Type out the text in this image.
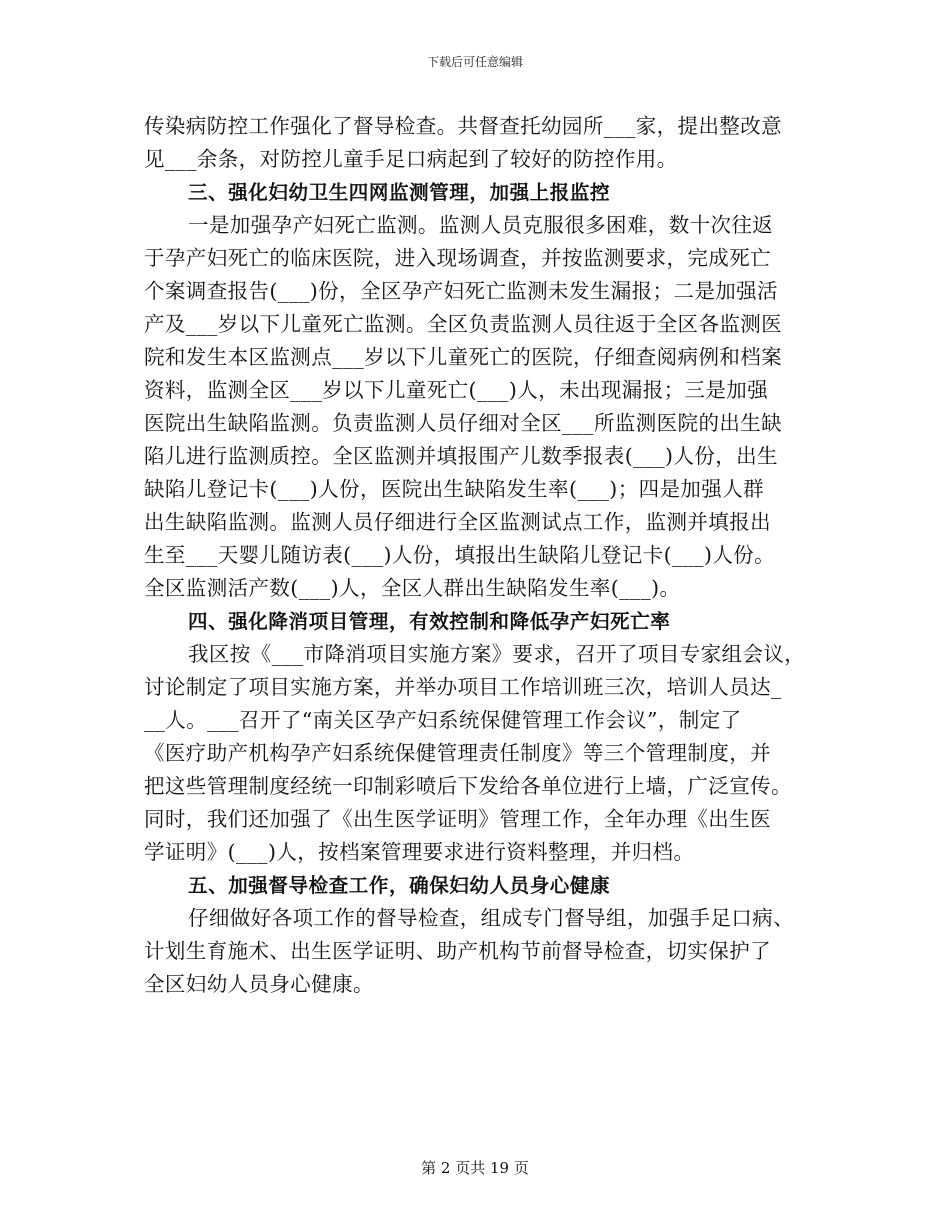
下载后可任意编辑
传染病防控工作强化了督导检查。共督查托幼园所___家，提出整改意
见___余条，对防控儿童手足口病起到了较好的防控作用。
三、强化妇幼卫生四网监测管理，加强上报监控
一是加强孕产妇死亡监测。监测人员克服很多困难，数十次往返
于孕产妇死亡的临床医院，进入现场调查，并按监测要求，完成死亡
个案调查报告(___)份，全区孕产妇死亡监测未发生漏报；二是加强活
产及___岁以下儿童死亡监测。全区负责监测人员往返于全区各监测医
院和发生本区监测点___岁以下儿童死亡的医院，仔细查阅病例和档案
资料，监测全区___岁以下儿童死亡(___)人，未出现漏报；三是加强
医院出生缺陷监测。负责监测人员仔细对全区___所监测医院的出生缺
陷儿进行监测质控。全区监测并填报围产儿数季报表(___)人份，出生
缺陷儿登记卡(___)人份，医院出生缺陷发生率(___)；四是加强人群
出生缺陷监测。监测人员仔细进行全区监测试点工作，监测并填报出
生至___天婴儿随访表(___)人份，填报出生缺陷儿登记卡(___)人份。
全区监测活产数(___)人，全区人群出生缺陷发生率(___)。
四、强化降消项目管理，有效控制和降低孕产妇死亡率
我区按《___市降消项目实施方案》要求，召开了项目专家组会议，
讨论制定了项目实施方案，并举办项目工作培训班三次，培训人员达_
__人。___召开了“南关区孕产妇系统保健管理工作会议”，制定了
《医疗助产机构孕产妇系统保健管理责任制度》等三个管理制度，并
把这些管理制度经统一印制彩喷后下发给各单位进行上墙，广泛宣传。
同时，我们还加强了《出生医学证明》管理工作，全年办理《出生医
学证明》(___)人，按档案管理要求进行资料整理，并归档。
五、加强督导检查工作，确保妇幼人员身心健康
仔细做好各项工作的督导检查，组成专门督导组，加强手足口病、
计划生育施术、出生医学证明、助产机构节前督导检查，切实保护了
全区妇幼人员身心健康。
第 2 页共 19 页
